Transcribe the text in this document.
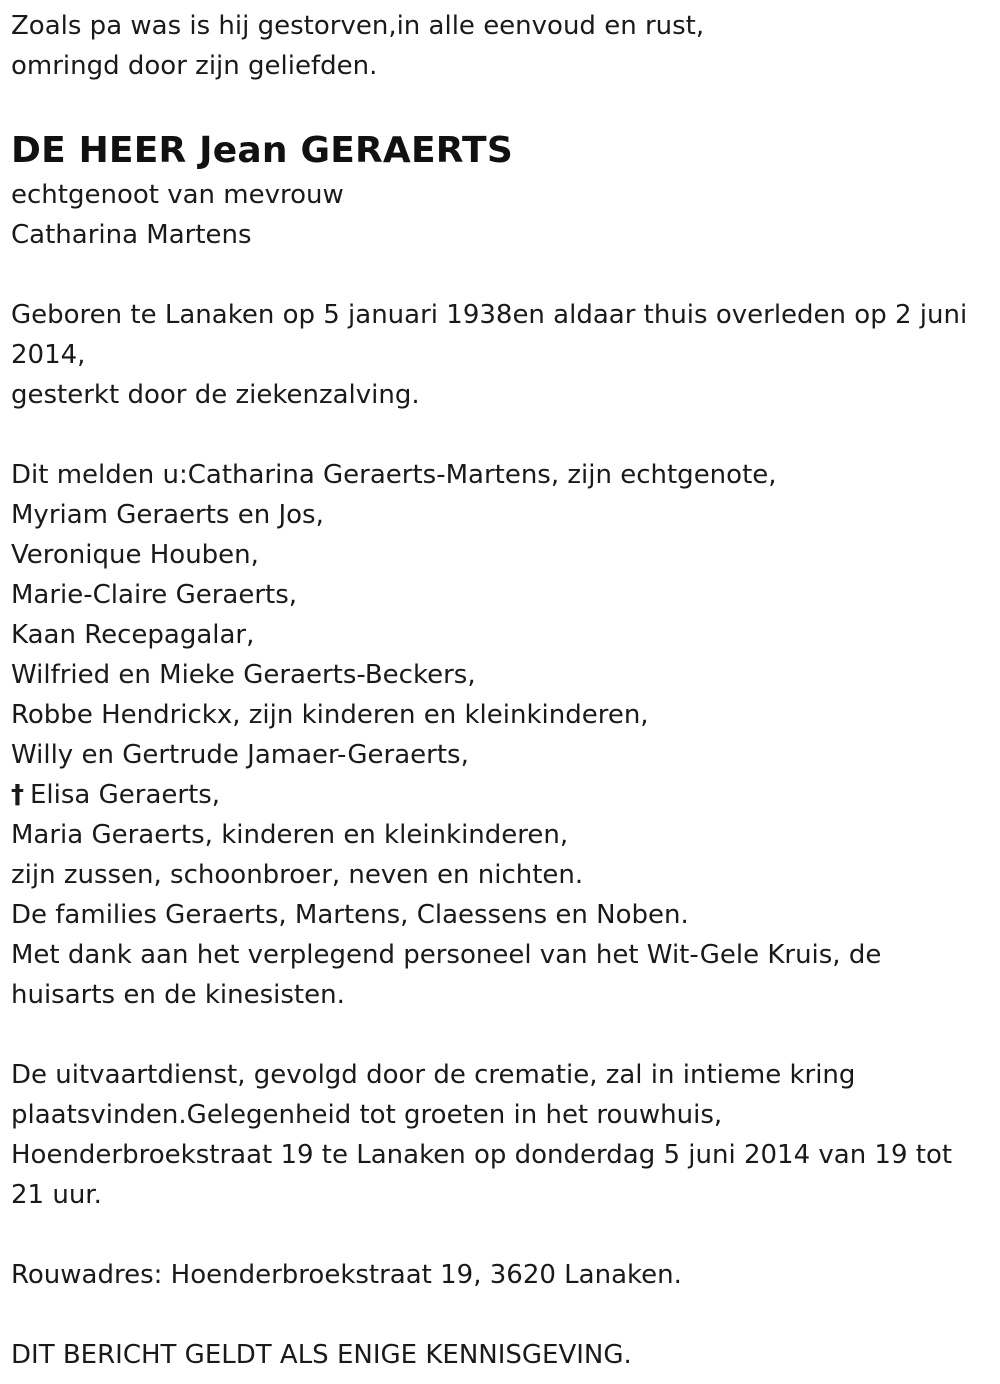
Zoals pa was is hij gestorven,in alle eenvoud en rust,
omringd door zijn geliefden.
DE HEER Jean GERAERTS
echtgenoot van mevrouw
Catharina Martens
Geboren te Lanaken op 5 januari 1938en aldaar thuis overleden op 2 juni 2014,
gesterkt door de ziekenzalving.
Dit melden u:Catharina Geraerts-Martens, zijn echtgenote,
Myriam Geraerts en Jos,
Veronique Houben,
Marie-Claire Geraerts,
Kaan Recepagalar,
Wilfried en Mieke Geraerts-Beckers,
Robbe Hendrickx, zijn kinderen en kleinkinderen,
Willy en Gertrude Jamaer-Geraerts,
† Elisa Geraerts,
Maria Geraerts, kinderen en kleinkinderen,
zijn zussen, schoonbroer, neven en nichten.
De families Geraerts, Martens, Claessens en Noben.
Met dank aan het verplegend personeel van het Wit-Gele Kruis, de huisarts en de kinesisten.
De uitvaartdienst, gevolgd door de crematie, zal in intieme kring plaatsvinden.Gelegenheid tot groeten in het rouwhuis, Hoenderbroekstraat 19 te Lanaken op donderdag 5 juni 2014 van 19 tot 21 uur.
Rouwadres: Hoenderbroekstraat 19, 3620 Lanaken.
DIT BERICHT GELDT ALS ENIGE KENNISGEVING.
